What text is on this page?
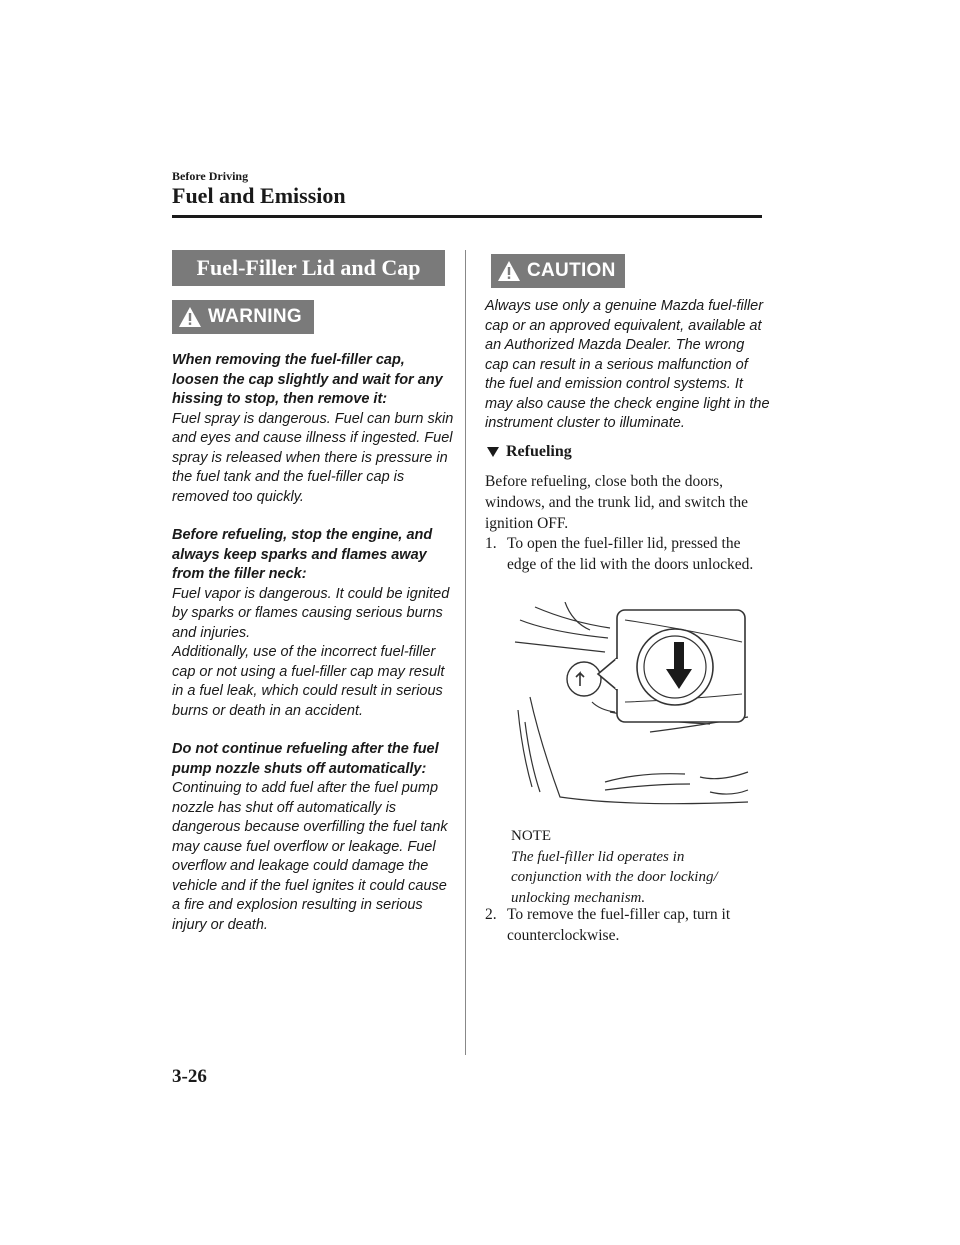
Before Driving
Fuel and Emission
Fuel-Filler Lid and Cap
WARNING

When removing the fuel-filler cap, loosen the cap slightly and wait for any hissing to stop, then remove it:

Fuel spray is dangerous. Fuel can burn skin and eyes and cause illness if ingested. Fuel spray is released when there is pressure in the fuel tank and the fuel-filler cap is removed too quickly.

Before refueling, stop the engine, and always keep sparks and flames away from the filler neck:

Fuel vapor is dangerous. It could be ignited by sparks or flames causing serious burns and injuries.

Additionally, use of the incorrect fuel-filler cap or not using a fuel-filler cap may result in a fuel leak, which could result in serious burns or death in an accident.

Do not continue refueling after the fuel pump nozzle shuts off automatically:

Continuing to add fuel after the fuel pump nozzle has shut off automatically is dangerous because overfilling the fuel tank may cause fuel overflow or leakage. Fuel overflow and leakage could damage the vehicle and if the fuel ignites it could cause a fire and explosion resulting in serious injury or death.

CAUTION

Always use only a genuine Mazda fuel-filler cap or an approved equivalent, available at an Authorized Mazda Dealer. The wrong cap can result in a serious malfunction of the fuel and emission control systems. It may also cause the check engine light in the instrument cluster to illuminate.

Refueling

Before refueling, close both the doors, windows, and the trunk lid, and switch the ignition OFF.

1. To open the fuel-filler lid, pressed the edge of the lid with the doors unlocked.
NOTE
The fuel-filler lid operates in conjunction with the door locking/ unlocking mechanism.
2. To remove the fuel-filler cap, turn it counterclockwise.
3-26
